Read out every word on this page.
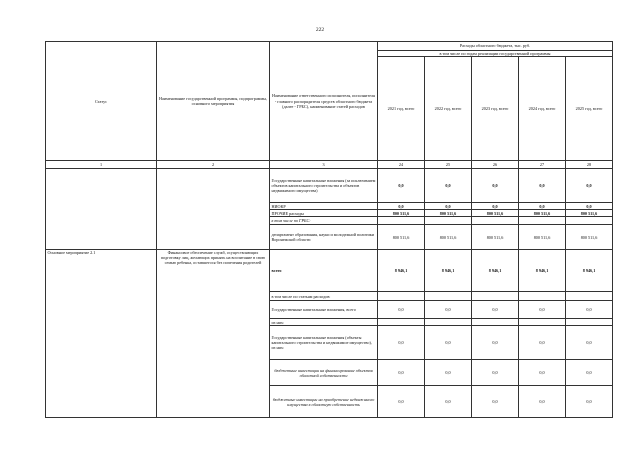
222
Статус	Наименование государственной программы, подпрограммы, основного мероприятия	Наименование ответственного исполнителя, исполнителя - главного распорядителя средств областного бюджета (далее - ГРБС), наименование статей расходов	Расходы областного бюджета, тыс. руб.				
			в том числе по годам реализации государственной программы				
			2021 год, всего	2022 год, всего	2023 год, всего	2024 год, всего	2025 год, всего
1	2	3	24	25	26	27	28
		Государственные капитальные вложения (за исключением объектов капитального строительства и объектов недвижимого имущества)	0,0	0,0	0,0	0,0	0,0
		НИОКР	0,0	0,0	0,0	0,0	0,0
		ПРОЧИЕ расходы	800 511,6	800 511,6	800 511,6	800 511,6	800 511,6
		в том числе по ГРБС:					
		департамент образования, науки и молодежной политики Воронежской области	800 511,6	800 511,6	800 511,6	800 511,6	800 511,6
Основное мероприятие 2.1	Финансовое обеспечение служб, осуществляющих подготовку лиц, желающих принять на воспитание в свою семью ребенка, оставшегося без попечения родителей	всего	8 946,1	8 946,1	8 946,1	8 946,1	8 946,1
		в том числе по статьям расходов:					
		Государственные капитальные вложения, всего	0,0	0,0	0,0	0,0	0,0
		из них:					
		Государственные капитальные вложения (объекты капитального строительства и недвижимое имущество), из них:	0,0	0,0	0,0	0,0	0,0
		бюджетные инвестиции на финансирование объектов областной собственности	0,0	0,0	0,0	0,0	0,0
		бюджетные инвестиции на приобретение недвижимого имущества в областную собственность	0,0	0,0	0,0	0,0	0,0
